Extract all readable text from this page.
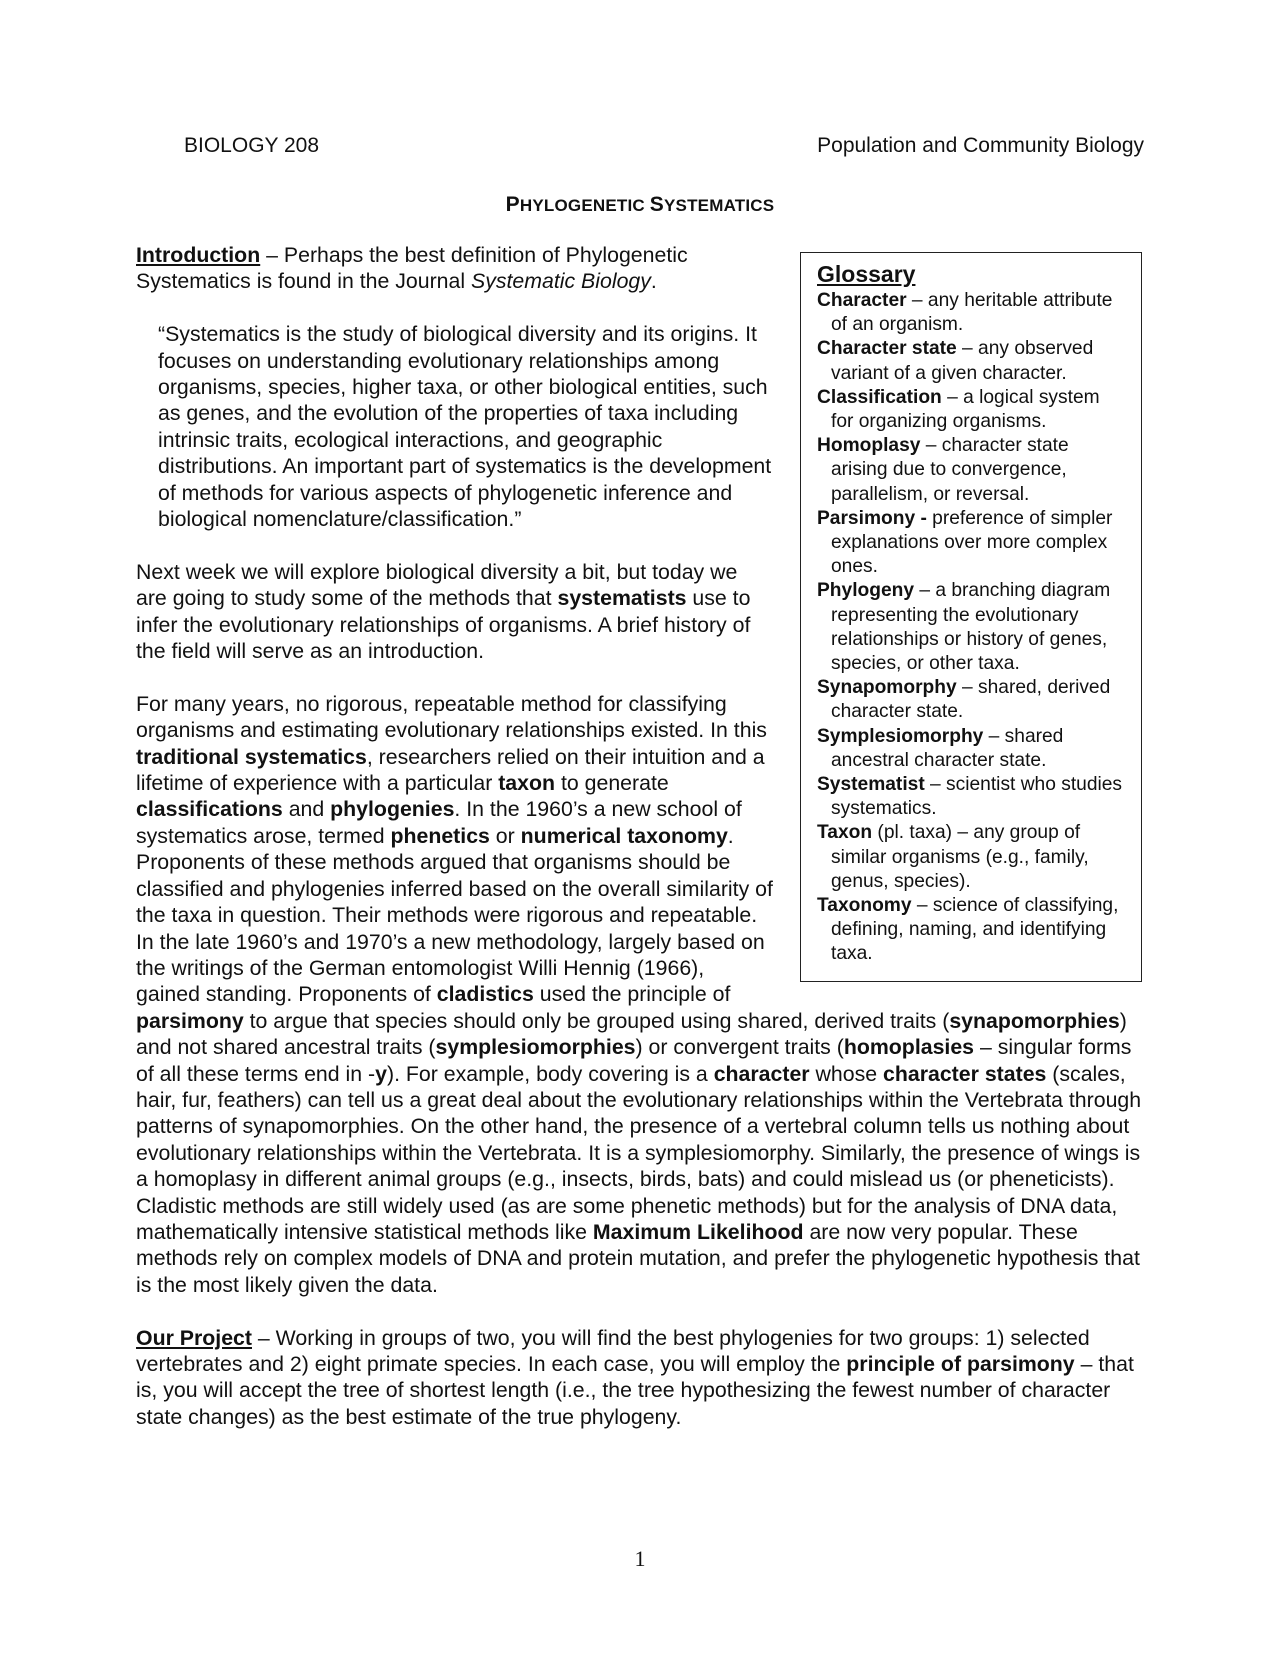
BIOLOGY 208	Population and Community Biology
PHYLOGENETIC SYSTEMATICS
Glossary
Character – any heritable attribute of an organism.
Character state – any observed variant of a given character.
Classification – a logical system for organizing organisms.
Homoplasy – character state arising due to convergence, parallelism, or reversal.
Parsimony - preference of simpler explanations over more complex ones.
Phylogeny – a branching diagram representing the evolutionary relationships or history of genes, species, or other taxa.
Synapomorphy – shared, derived character state.
Symplesiomorphy – shared ancestral character state.
Systematist – scientist who studies systematics.
Taxon (pl. taxa) – any group of similar organisms (e.g., family, genus, species).
Taxonomy – science of classifying, defining, naming, and identifying taxa.

Introduction – Perhaps the best definition of Phylogenetic Systematics is found in the Journal Systematic Biology.

“Systematics is the study of biological diversity and its origins. It focuses on understanding evolutionary relationships among organisms, species, higher taxa, or other biological entities, such as genes, and the evolution of the properties of taxa including intrinsic traits, ecological interactions, and geographic distributions. An important part of systematics is the development of methods for various aspects of phylogenetic inference and biological nomenclature/classification.”

Next week we will explore biological diversity a bit, but today we are going to study some of the methods that systematists use to infer the evolutionary relationships of organisms. A brief history of the field will serve as an introduction.

For many years, no rigorous, repeatable method for classifying organisms and estimating evolutionary relationships existed. In this traditional systematics, researchers relied on their intuition and a lifetime of experience with a particular taxon to generate classifications and phylogenies. In the 1960’s a new school of systematics arose, termed phenetics or numerical taxonomy. Proponents of these methods argued that organisms should be classified and phylogenies inferred based on the overall similarity of the taxa in question. Their methods were rigorous and repeatable. In the late 1960’s and 1970’s a new methodology, largely based on the writings of the German entomologist Willi Hennig (1966), gained standing. Proponents of cladistics used the principle of parsimony to argue that species should only be grouped using shared, derived traits (synapomorphies) and not shared ancestral traits (symplesiomorphies) or convergent traits (homoplasies – singular forms of all these terms end in -y). For example, body covering is a character whose character states (scales, hair, fur, feathers) can tell us a great deal about the evolutionary relationships within the Vertebrata through patterns of synapomorphies. On the other hand, the presence of a vertebral column tells us nothing about evolutionary relationships within the Vertebrata. It is a symplesiomorphy. Similarly, the presence of wings is a homoplasy in different animal groups (e.g., insects, birds, bats) and could mislead us (or pheneticists). Cladistic methods are still widely used (as are some phenetic methods) but for the analysis of DNA data, mathematically intensive statistical methods like Maximum Likelihood are now very popular. These methods rely on complex models of DNA and protein mutation, and prefer the phylogenetic hypothesis that is the most likely given the data.

Our Project – Working in groups of two, you will find the best phylogenies for two groups: 1) selected vertebrates and 2) eight primate species. In each case, you will employ the principle of parsimony – that is, you will accept the tree of shortest length (i.e., the tree hypothesizing the fewest number of character state changes) as the best estimate of the true phylogeny.

1
